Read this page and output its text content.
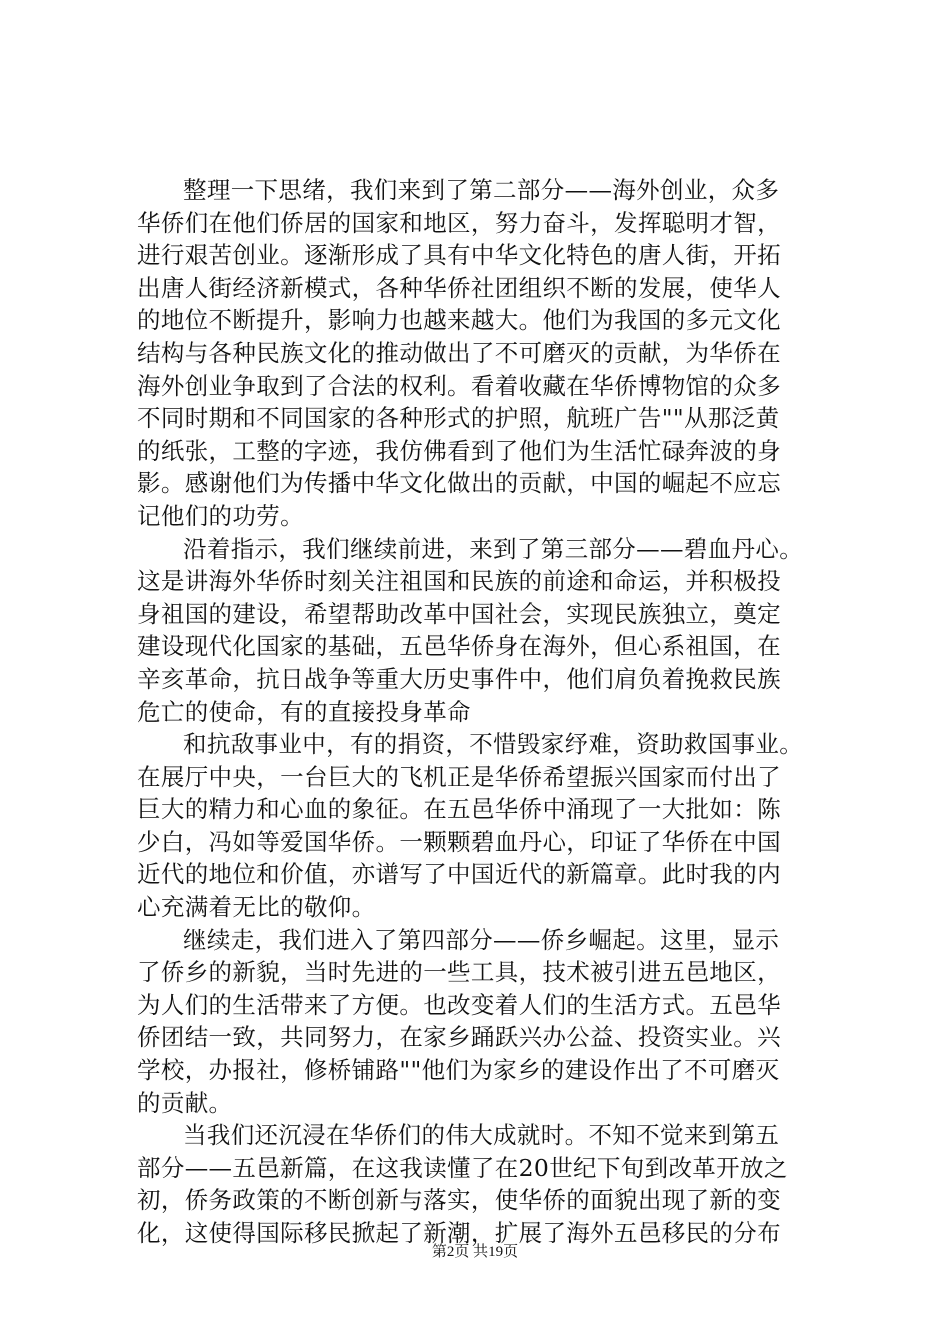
整理一下思绪，我们来到了第二部分——海外创业，众多
华侨们在他们侨居的国家和地区，努力奋斗，发挥聪明才智，
进行艰苦创业。逐渐形成了具有中华文化特色的唐人街，开拓
出唐人街经济新模式，各种华侨社团组织不断的发展，使华人
的地位不断提升，影响力也越来越大。他们为我国的多元文化
结构与各种民族文化的推动做出了不可磨灭的贡献，为华侨在
海外创业争取到了合法的权利。看着收藏在华侨博物馆的众多
不同时期和不同国家的各种形式的护照，航班广告""从那泛黄
的纸张，工整的字迹，我仿佛看到了他们为生活忙碌奔波的身
影。感谢他们为传播中华文化做出的贡献，中国的崛起不应忘
记他们的功劳。
沿着指示，我们继续前进，来到了第三部分——碧血丹心。
这是讲海外华侨时刻关注祖国和民族的前途和命运，并积极投
身祖国的建设，希望帮助改革中国社会，实现民族独立，奠定
建设现代化国家的基础，五邑华侨身在海外，但心系祖国，在
辛亥革命，抗日战争等重大历史事件中，他们肩负着挽救民族
危亡的使命，有的直接投身革命
和抗敌事业中，有的捐资，不惜毁家纾难，资助救国事业。
在展厅中央，一台巨大的飞机正是华侨希望振兴国家而付出了
巨大的精力和心血的象征。在五邑华侨中涌现了一大批如：陈
少白，冯如等爱国华侨。一颗颗碧血丹心，印证了华侨在中国
近代的地位和价值，亦谱写了中国近代的新篇章。此时我的内
心充满着无比的敬仰。
继续走，我们进入了第四部分——侨乡崛起。这里，显示
了侨乡的新貌，当时先进的一些工具，技术被引进五邑地区，
为人们的生活带来了方便。也改变着人们的生活方式。五邑华
侨团结一致，共同努力，在家乡踊跃兴办公益、投资实业。兴
学校，办报社，修桥铺路""他们为家乡的建设作出了不可磨灭
的贡献。
当我们还沉浸在华侨们的伟大成就时。不知不觉来到第五
部分——五邑新篇，在这我读懂了在20世纪下旬到改革开放之
初，侨务政策的不断创新与落实，使华侨的面貌出现了新的变
化，这使得国际移民掀起了新潮，扩展了海外五邑移民的分布
第2页 共19页
